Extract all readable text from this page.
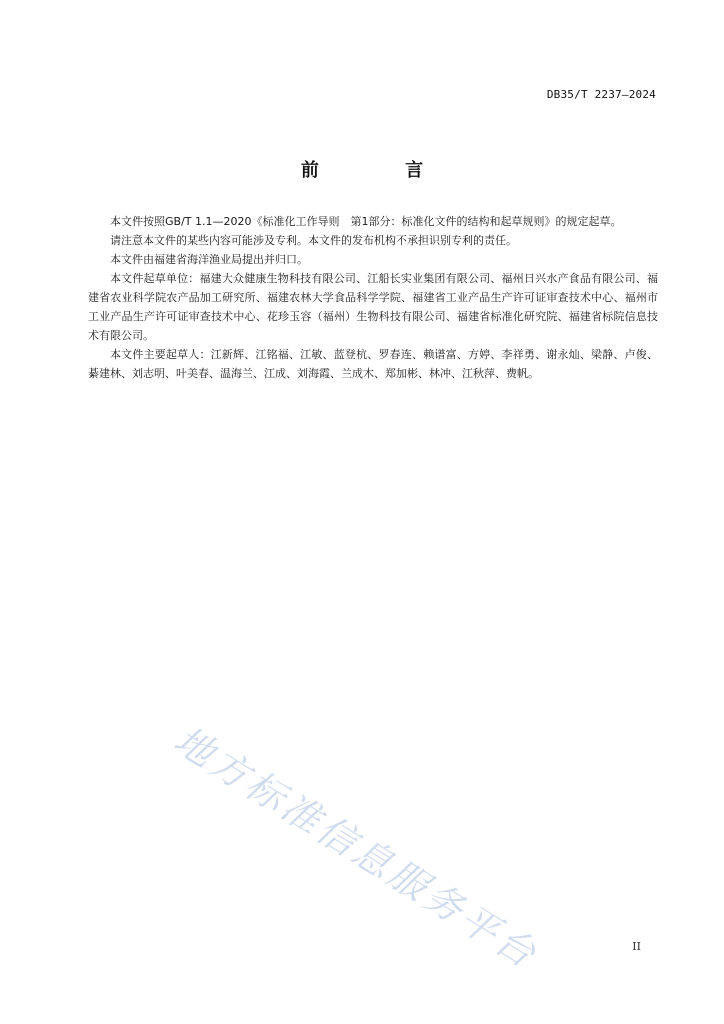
DB35/T 2237—2024
前 言

本文件按照GB/T 1.1—2020《标准化工作导则　第1部分：标准化文件的结构和起草规则》的规定起草。

请注意本文件的某些内容可能涉及专利。本文件的发布机构不承担识别专利的责任。

本文件由福建省海洋渔业局提出并归口。

本文件起草单位：福建大众健康生物科技有限公司、江船长实业集团有限公司、福州日兴水产食品有限公司、福建省农业科学院农产品加工研究所、福建农林大学食品科学学院、福建省工业产品生产许可证审查技术中心、福州市工业产品生产许可证审查技术中心、花珍玉容（福州）生物科技有限公司、福建省标准化研究院、福建省标院信息技术有限公司。

本文件主要起草人：江新辉、江铭福、江敏、蓝登杭、罗春连、赖谱富、方婷、李祥勇、谢永灿、梁静、卢俊、綦建林、刘志明、叶美春、温海兰、江成、刘海霞、兰成木、郑加彬、林冲、江秋萍、费帆。

地方标准信息服务平台	II
